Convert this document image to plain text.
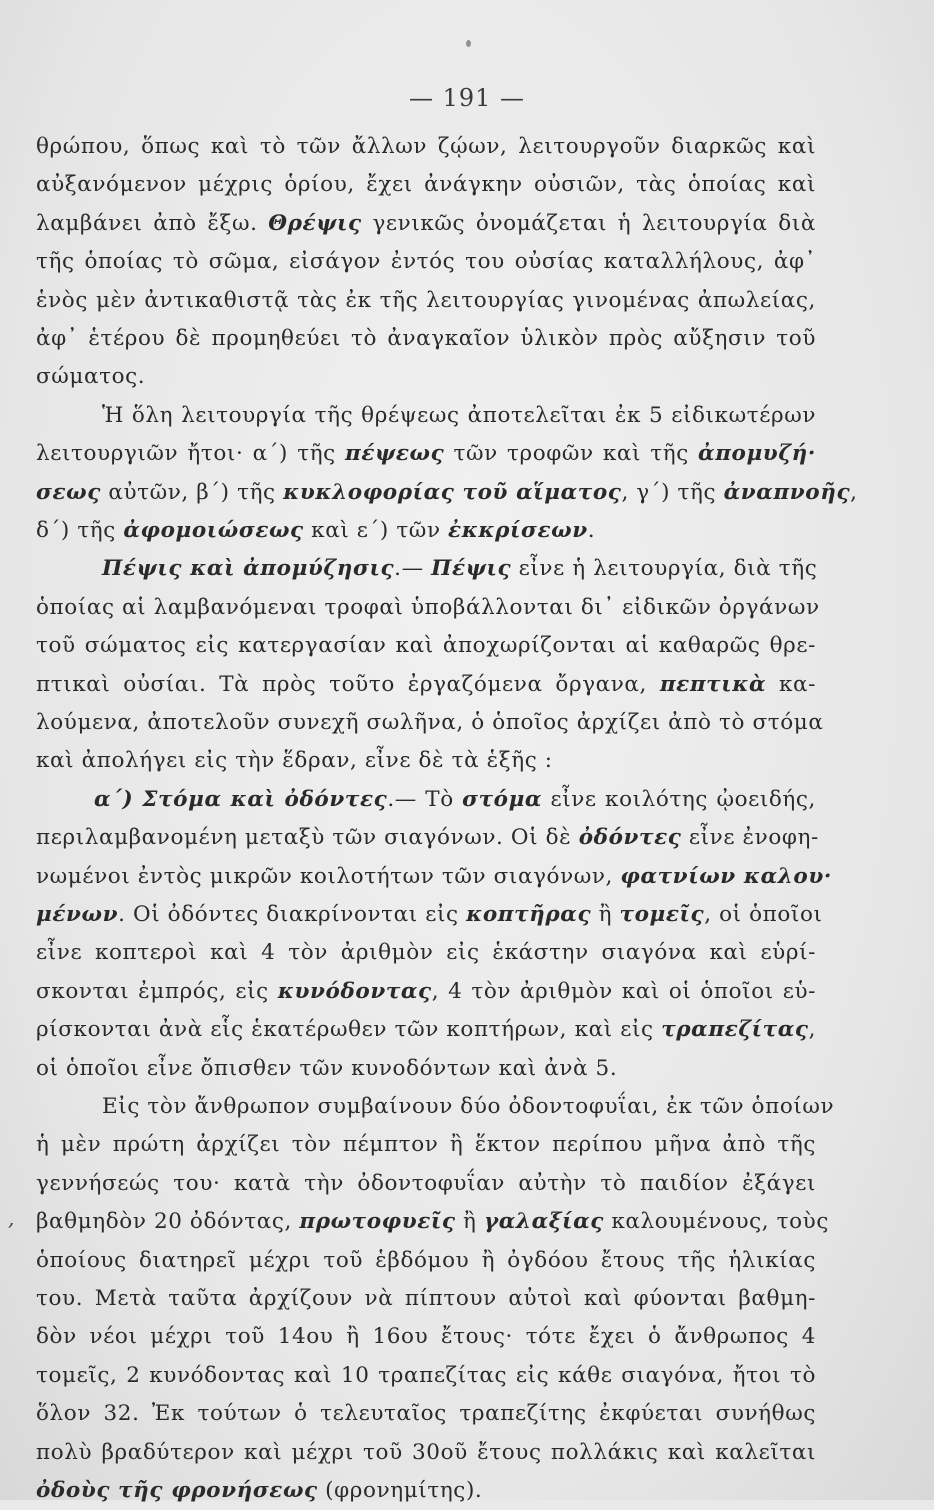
— 191 —
,
θρώπου, ὅπως καὶ τὸ τῶν ἄλλων ζῴων, λειτουργοῦν διαρκῶς καὶ
αὐξανόμενον μέχρις ὁρίου, ἔχει ἀνάγκην οὐσιῶν, τὰς ὁποίας καὶ
λαμβάνει ἀπὸ ἔξω. Θρέψις γενικῶς ὀνομάζεται ἡ λειτουργία διὰ
τῆς ὁποίας τὸ σῶμα, εἰσάγον ἐντός του οὐσίας καταλλήλους, ἀφ᾽
ἑνὸς μὲν ἀντικαθιστᾷ τὰς ἐκ τῆς λειτουργίας γινομένας ἀπωλείας,
ἀφ᾽ ἑτέρου δὲ προμηθεύει τὸ ἀναγκαῖον ὑλικὸν πρὸς αὔξησιν τοῦ
σώματος.
Ἡ ὅλη λειτουργία τῆς θρέψεως ἀποτελεῖται ἐκ 5 εἰδικωτέρων
λειτουργιῶν ἤτοι· α΄) τῆς πέψεως τῶν τροφῶν καὶ τῆς ἀπομυζή·
σεως αὐτῶν, β΄) τῆς κυκλοφορίας τοῦ αἵματος, γ΄) τῆς ἀναπνοῆς,
δ΄) τῆς ἀφομοιώσεως καὶ ε΄) τῶν ἐκκρίσεων.
Πέψις καὶ ἀπομύζησις.— Πέψις εἶνε ἡ λειτουργία, διὰ τῆς
ὁποίας αἱ λαμβανόμεναι τροφαὶ ὑποβάλλονται δι᾽ εἰδικῶν ὀργάνων
τοῦ σώματος εἰς κατεργασίαν καὶ ἀποχωρίζονται αἱ καθαρῶς θρε-
πτικαὶ οὐσίαι. Τὰ πρὸς τοῦτο ἐργαζόμενα ὄργανα, πεπτικὰ κα-
λούμενα, ἀποτελοῦν συνεχῆ σωλῆνα, ὁ ὁποῖος ἀρχίζει ἀπὸ τὸ στόμα
καὶ ἀπολήγει εἰς τὴν ἕδραν, εἶνε δὲ τὰ ἑξῆς :
α΄) Στόμα καὶ ὀδόντες.— Τὸ στόμα εἶνε κοιλότης ᾠοειδής,
περιλαμβανομένη μεταξὺ τῶν σιαγόνων. Οἱ δὲ ὀδόντες εἶνε ἐνοφη-
νωμένοι ἐντὸς μικρῶν κοιλοτήτων τῶν σιαγόνων, φατνίων καλου·
μένων. Οἱ ὀδόντες διακρίνονται εἰς κοπτῆρας ἢ τομεῖς, οἱ ὁποῖοι
εἶνε κοπτεροὶ καὶ 4 τὸν ἀριθμὸν εἰς ἑκάστην σιαγόνα καὶ εὑρί-
σκονται ἐμπρός, εἰς κυνόδοντας, 4 τὸν ἀριθμὸν καὶ οἱ ὁποῖοι εὑ-
ρίσκονται ἀνὰ εἷς ἑκατέρωθεν τῶν κοπτήρων, καὶ εἰς τραπεζίτας,
οἱ ὁποῖοι εἶνε ὄπισθεν τῶν κυνοδόντων καὶ ἀνὰ 5.
Εἰς τὸν ἄνθρωπον συμβαίνουν δύο ὀδοντοφυΐαι, ἐκ τῶν ὁποίων
ἡ μὲν πρώτη ἀρχίζει τὸν πέμπτον ἢ ἕκτον περίπου μῆνα ἀπὸ τῆς
γεννήσεώς του· κατὰ τὴν ὀδοντοφυΐαν αὐτὴν τὸ παιδίον ἐξάγει
βαθμηδὸν 20 ὀδόντας, πρωτοφυεῖς ἢ γαλαξίας καλουμένους, τοὺς
ὁποίους διατηρεῖ μέχρι τοῦ ἑβδόμου ἢ ὀγδόου ἔτους τῆς ἡλικίας
του. Μετὰ ταῦτα ἀρχίζουν νὰ πίπτουν αὐτοὶ καὶ φύονται βαθμη-
δὸν νέοι μέχρι τοῦ 14ου ἢ 16ου ἔτους· τότε ἔχει ὁ ἄνθρωπος 4
τομεῖς, 2 κυνόδοντας καὶ 10 τραπεζίτας εἰς κάθε σιαγόνα, ἤτοι τὸ
ὅλον 32. Ἐκ τούτων ὁ τελευταῖος τραπεζίτης ἐκφύεται συνήθως
πολὺ βραδύτερον καὶ μέχρι τοῦ 30οῦ ἔτους πολλάκις καὶ καλεῖται
ὀδοὺς τῆς φρονήσεως (φρονημίτης).
